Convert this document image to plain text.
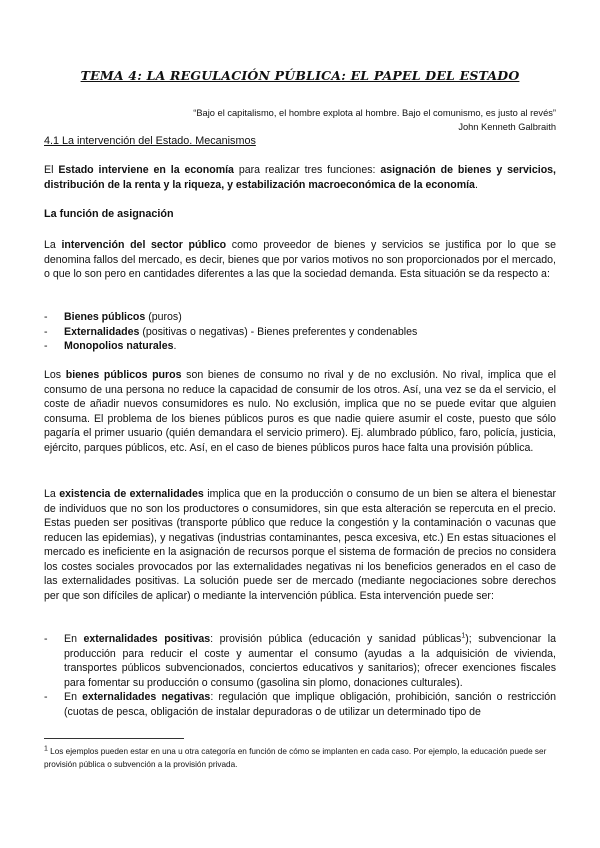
TEMA 4: LA REGULACIÓN PÚBLICA: EL PAPEL DEL ESTADO
“Bajo el capitalismo, el hombre explota al hombre. Bajo el comunismo, es justo al revés”
John Kenneth Galbraith
4.1 La intervención del Estado. Mecanismos

El Estado interviene en la economía para realizar tres funciones: asignación de bienes y servicios, distribución de la renta y la riqueza, y estabilización macroeconómica de la economía.

La función de asignación

La intervención del sector público como proveedor de bienes y servicios se justifica por lo que se denomina fallos del mercado, es decir, bienes que por varios motivos no son proporcionados por el mercado, o que lo son pero en cantidades diferentes a las que la sociedad demanda. Esta situación se da respecto a:

- Bienes públicos (puros)
- Externalidades (positivas o negativas) - Bienes preferentes y condenables
- Monopolios naturales.

Los bienes públicos puros son bienes de consumo no rival y de no exclusión. No rival, implica que el consumo de una persona no reduce la capacidad de consumir de los otros. Así, una vez se da el servicio, el coste de añadir nuevos consumidores es nulo. No exclusión, implica que no se puede evitar que alguien consuma. El problema de los bienes públicos puros es que nadie quiere asumir el coste, puesto que sólo pagaría el primer usuario (quién demandara el servicio primero). Ej. alumbrado público, faro, policía, justicia, ejército, parques públicos, etc. Así, en el caso de bienes públicos puros hace falta una provisión pública.

La existencia de externalidades implica que en la producción o consumo de un bien se altera el bienestar de individuos que no son los productores o consumidores, sin que esta alteración se repercuta en el precio. Estas pueden ser positivas (transporte público que reduce la congestión y la contaminación o vacunas que reducen las epidemias), y negativas (industrias contaminantes, pesca excesiva, etc.) En estas situaciones el mercado es ineficiente en la asignación de recursos porque el sistema de formación de precios no considera los costes sociales provocados por las externalidades negativas ni los beneficios generados en el caso de las externalidades positivas. La solución puede ser de mercado (mediante negociaciones sobre derechos per que son difíciles de aplicar) o mediante la intervención pública. Esta intervención puede ser:

- En externalidades positivas: provisión pública (educación y sanidad públicas$^1$); subvencionar la producción para reducir el coste y aumentar el consumo (ayudas a la adquisición de vivienda, transportes públicos subvencionados, conciertos educativos y sanitarios); ofrecer exenciones fiscales para fomentar su producción o consumo (gasolina sin plomo, donaciones culturales).
- En externalidades negativas: regulación que implique obligación, prohibición, sanción o restricción (cuotas de pesca, obligación de instalar depuradoras o de utilizar un determinado tipo de
$^1$ Los ejemplos pueden estar en una u otra categoría en función de cómo se implanten en cada caso. Por ejemplo, la educación puede ser provisión pública o subvención a la provisión privada.
